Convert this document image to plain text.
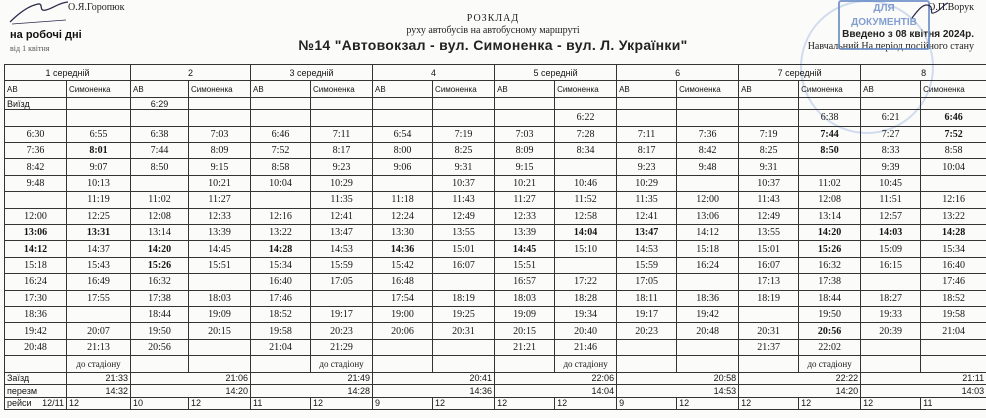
О.Я.Горопюк
на робочі дні
від 1 квітня
РОЗКЛАД
руху автобусів на автобусному маршруті
№14 "Автовокзал - вул. Симоненка - вул. Л. Українки"
О.П.Ворук
Введено з 08 квітня 2024р.
Навчальний На період посійного стану
ДЛЯ
ДОКУМЕНТІВ
1 середній		2		3 середній		4		5 середній		6		7 середній		8	
АВ	Симоненка	АВ	Симоненка	АВ	Симоненка	АВ	Симоненка	АВ	Симоненка	АВ	Симоненка	АВ	Симоненка	АВ	Симоненка
Виїзд		6:29													
									6:22				6:38	6:21	6:46
6:30	6:55	6:38	7:03	6:46	7:11	6:54	7:19	7:03	7:28	7:11	7:36	7:19	7:44	7:27	7:52
7:36	8:01	7:44	8:09	7:52	8:17	8:00	8:25	8:09	8:34	8:17	8:42	8:25	8:50	8:33	8:58
8:42	9:07	8:50	9:15	8:58	9:23	9:06	9:31	9:15		9:23	9:48	9:31		9:39	10:04
9:48	10:13		10:21	10:04	10:29		10:37	10:21	10:46	10:29		10:37	11:02	10:45	
	11:19	11:02	11:27		11:35	11:18	11:43	11:27	11:52	11:35	12:00	11:43	12:08	11:51	12:16
12:00	12:25	12:08	12:33	12:16	12:41	12:24	12:49	12:33	12:58	12:41	13:06	12:49	13:14	12:57	13:22
13:06	13:31	13:14	13:39	13:22	13:47	13:30	13:55	13:39	14:04	13:47	14:12	13:55	14:20	14:03	14:28
14:12	14:37	14:20	14:45	14:28	14:53	14:36	15:01	14:45	15:10	14:53	15:18	15:01	15:26	15:09	15:34
15:18	15:43	15:26	15:51	15:34	15:59	15:42	16:07	15:51		15:59	16:24	16:07	16:32	16:15	16:40
16:24	16:49	16:32		16:40	17:05	16:48		16:57	17:22	17:05		17:13	17:38		17:46
17:30	17:55	17:38	18:03	17:46		17:54	18:19	18:03	18:28	18:11	18:36	18:19	18:44	18:27	18:52
18:36		18:44	19:09	18:52	19:17	19:00	19:25	19:09	19:34	19:17	19:42		19:50	19:33	19:58
19:42	20:07	19:50	20:15	19:58	20:23	20:06	20:31	20:15	20:40	20:23	20:48	20:31	20:56	20:39	21:04
20:48	21:13	20:56		21:04	21:29			21:21	21:46			21:37	22:02		
	до стадіону				до стадіону				до стадіону				до стадіону		
Заїзд	21:33	21:06		21:49		20:41		22:06		20:58		22:22		21:11	
перезм	14:32	14:20		14:28		14:36		14:04		14:53		14:20		14:03	
рейси 12/11	12	10	12	11	12	9	12	12	12	9	12	12	12	12	11
